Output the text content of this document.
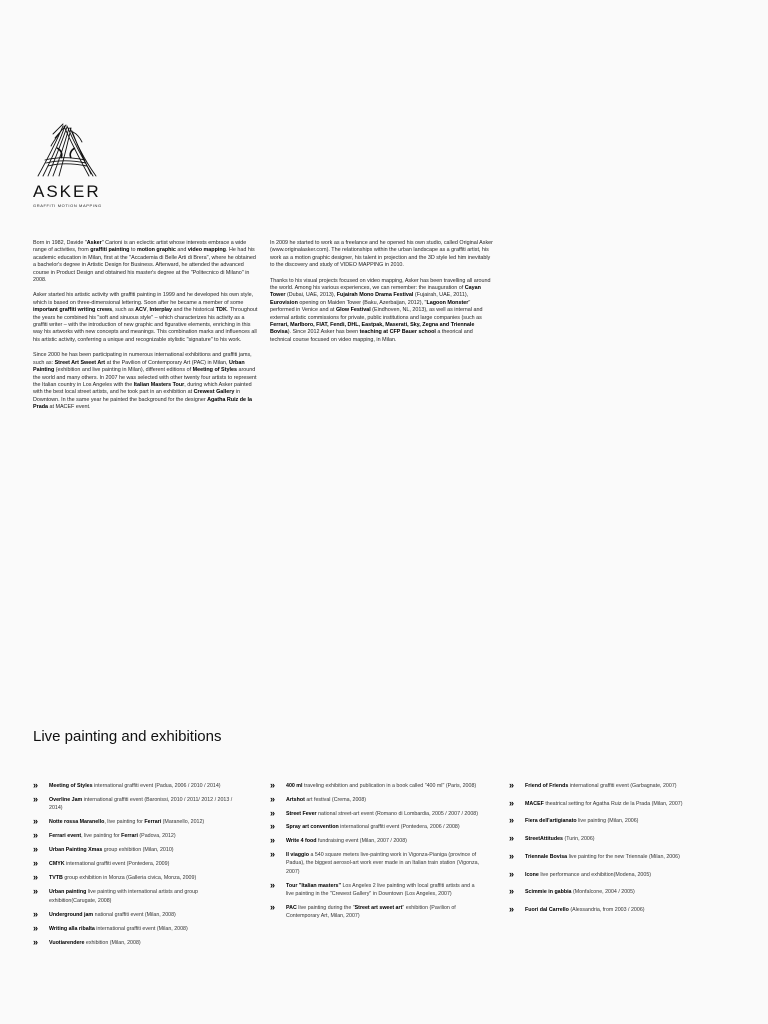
ASKER
GRAFFITI MOTION MAPPING

Born in 1982, Davide "Asker" Carioni is an eclectic artist whose interests embrace a wide range of activities, from graffiti painting to motion graphic and video mapping. He had his academic education in Milan, first at the "Accademia di Belle Arti di Brera", where he obtained a bachelor's degree in Artistic Design for Business. Afterward, he attended the advanced course in Product Design and obtained his master's degree at the "Politecnico di Milano" in 2008.

Asker started his artistic activity with graffiti painting in 1999 and he developed his own style, which is based on three-dimensional lettering. Soon after he became a member of some important graffiti writing crews, such as ACV, Interplay and the historical TDK. Throughout the years he combined his "soft and sinuous style" – which characterizes his activity as a graffiti writer – with the introduction of new graphic and figurative elements, enriching in this way his artworks with new concepts and meanings. This combination marks and influences all his artistic activity, conferring a unique and recognizable stylistic "signature" to his work.

Since 2000 he has been participating in numerous international exhibitions and graffiti jams, such as: Street Art Sweet Art at the Pavilion of Contemporary Art (PAC) in Milan, Urban Painting (exhibition and live painting in Milan), different editions of Meeting of Styles around the world and many others. In 2007 he was selected with other twenty four artists to represent the Italian country in Los Angeles with the Italian Masters Tour, during which Asker painted with the best local street artists, and he took part in an exhibition at Crewest Gallery in Downtown. In the same year he painted the background for the designer Agatha Ruiz de la Prada at MACEF event.

In 2009 he started to work as a freelance and he opened his own studio, called Original Asker (www.originalasker.com). The relationships within the urban landscape as a graffiti artist, his work as a motion graphic designer, his talent in projection and the 3D style led him inevitably to the discovery and study of VIDEO MAPPING in 2010.

Thanks to his visual projects focused on video mapping, Asker has been travelling all around the world. Among his various experiences, we can remember: the inauguration of Cayan Tower (Dubai, UAE, 2013), Fujairah Mono Drama Festival (Fujairah, UAE, 2011), Eurovision opening on Maiden Tower (Baku, Azerbaijan, 2012), "Lagoon Monster" performed in Venice and at Glow Festival (Eindhoven, NL, 2013), as well as internal and external artistic commissions for private, public institutions and large companies (such as Ferrari, Marlboro, FIAT, Fendi, DHL, Eastpak, Maserati, Sky, Zegna and Triennale Bovisa). Since 2012 Asker has been teaching at CFP Bauer school a theorical and technical course focused on video mapping, in Milan.

Live painting and exhibitions
» Meeting of Styles international graffiti event (Padua, 2006 / 2010 / 2014)
» Overline Jam international graffiti event (Baronissi, 2010 / 2011/ 2012 / 2013 / 2014)
» Notte rossa Maranello, live painting for Ferrari (Maranello, 2012)
» Ferrari event, live painting for Ferrari (Padova, 2012)
» Urban Painting Xmas group exhibition (Milan, 2010)
» CMYK international graffiti event (Pontedera, 2009)
» TVTB group exhibition in Monza (Galleria civica, Monza, 2009)
» Urban painting live painting with international artists and group exhibition(Carugate, 2008)
» Underground jam national graffiti event (Milan, 2008)
» Writing alla ribalta international graffiti event (Milan, 2008)
» Vuotiarendere exhibition (Milan, 2008)
» 400 ml traveling exhibition and publication in a book called "400 ml" (Paris, 2008)
» Artshot art festival (Crema, 2008)
» Street Fever national street-art event (Romano di Lombardia, 2005 / 2007 / 2008)
» Spray art convention international graffiti event (Pontedera, 2006 / 2008)
» Write 4 food fundraising event (Milan, 2007 / 2008)
» Il viaggio a 540 square meters live-painting work in Vigonza-Pianiga (province of Padua), the biggest aerosol-art work ever made in an Italian train station (Vigonza, 2007)
» Tour "Italian masters" Los Angeles 2 live painting with local graffiti artists and a live painting in the "Crewest Gallery" in Downtown (Los Angeles, 2007)
» PAC live painting during the "Street art sweet art" exhibition (Pavilion of Contemporary Art, Milan, 2007)
» Friend of Friends international graffiti event (Garbagnate, 2007)
» MACEF theatrical setting for Agatha Ruiz de la Prada (Milan, 2007)
» Fiera dell'artigianato live painting (Milan, 2006)
» StreetAttitudes (Turin, 2006)
» Triennale Bovisa live painting for the new Triennale (Milan, 2006)
» Icone live performance and exhibition(Modena, 2005)
» Scimmie in gabbia (Monfalcone, 2004 / 2005)
» Fuori dal Carrello (Alessandria, from 2003 / 2006)
